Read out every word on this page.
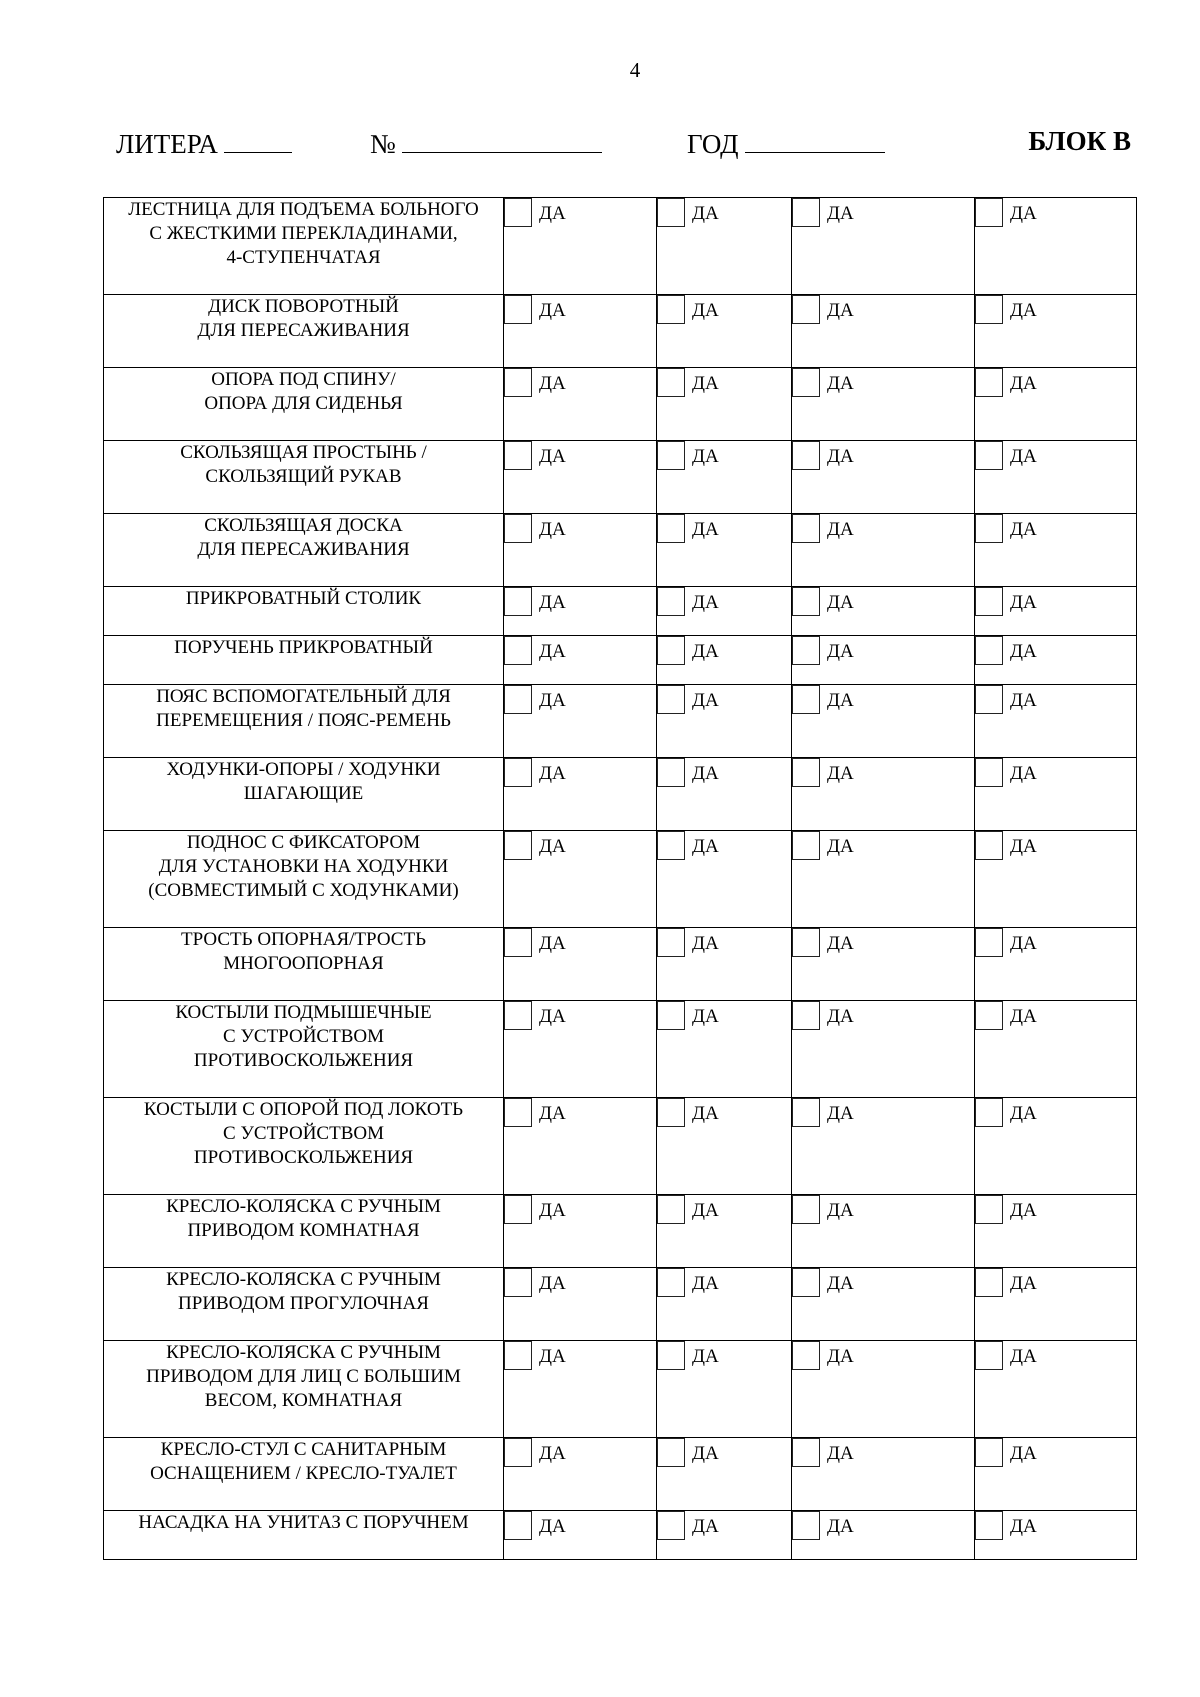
4
ЛИТЕРА	№	ГОД	БЛОК В
ЛЕСТНИЦА ДЛЯ ПОДЪЕМА БОЛЬНОГО
С ЖЕСТКИМИ ПЕРЕКЛАДИНАМИ,
4-СТУПЕНЧАТАЯ	ДА	ДА	ДА	ДА

ДИСК ПОВОРОТНЫЙ
ДЛЯ ПЕРЕСАЖИВАНИЯ	ДА	ДА	ДА	ДА

ОПОРА ПОД СПИНУ/
ОПОРА ДЛЯ СИДЕНЬЯ	ДА	ДА	ДА	ДА

СКОЛЬЗЯЩАЯ ПРОСТЫНЬ /
СКОЛЬЗЯЩИЙ РУКАВ	ДА	ДА	ДА	ДА

СКОЛЬЗЯЩАЯ ДОСКА
ДЛЯ ПЕРЕСАЖИВАНИЯ	ДА	ДА	ДА	ДА

ПРИКРОВАТНЫЙ СТОЛИК	ДА	ДА	ДА	ДА

ПОРУЧЕНЬ ПРИКРОВАТНЫЙ	ДА	ДА	ДА	ДА

ПОЯС ВСПОМОГАТЕЛЬНЫЙ ДЛЯ
ПЕРЕМЕЩЕНИЯ / ПОЯС-РЕМЕНЬ	ДА	ДА	ДА	ДА

ХОДУНКИ-ОПОРЫ / ХОДУНКИ
ШАГАЮЩИЕ	ДА	ДА	ДА	ДА

ПОДНОС С ФИКСАТОРОМ
ДЛЯ УСТАНОВКИ НА ХОДУНКИ
(СОВМЕСТИМЫЙ С ХОДУНКАМИ)	ДА	ДА	ДА	ДА

ТРОСТЬ ОПОРНАЯ/ТРОСТЬ
МНОГООПОРНАЯ	ДА	ДА	ДА	ДА

КОСТЫЛИ ПОДМЫШЕЧНЫЕ
С УСТРОЙСТВОМ
ПРОТИВОСКОЛЬЖЕНИЯ	ДА	ДА	ДА	ДА

КОСТЫЛИ С ОПОРОЙ ПОД ЛОКОТЬ
С УСТРОЙСТВОМ
ПРОТИВОСКОЛЬЖЕНИЯ	ДА	ДА	ДА	ДА

КРЕСЛО-КОЛЯСКА С РУЧНЫМ
ПРИВОДОМ КОМНАТНАЯ	ДА	ДА	ДА	ДА

КРЕСЛО-КОЛЯСКА С РУЧНЫМ
ПРИВОДОМ ПРОГУЛОЧНАЯ	ДА	ДА	ДА	ДА

КРЕСЛО-КОЛЯСКА С РУЧНЫМ
ПРИВОДОМ ДЛЯ ЛИЦ С БОЛЬШИМ
ВЕСОМ, КОМНАТНАЯ	ДА	ДА	ДА	ДА

КРЕСЛО-СТУЛ С САНИТАРНЫМ
ОСНАЩЕНИЕМ / КРЕСЛО-ТУАЛЕТ	ДА	ДА	ДА	ДА

НАСАДКА НА УНИТАЗ С ПОРУЧНЕМ	ДА	ДА	ДА	ДА
